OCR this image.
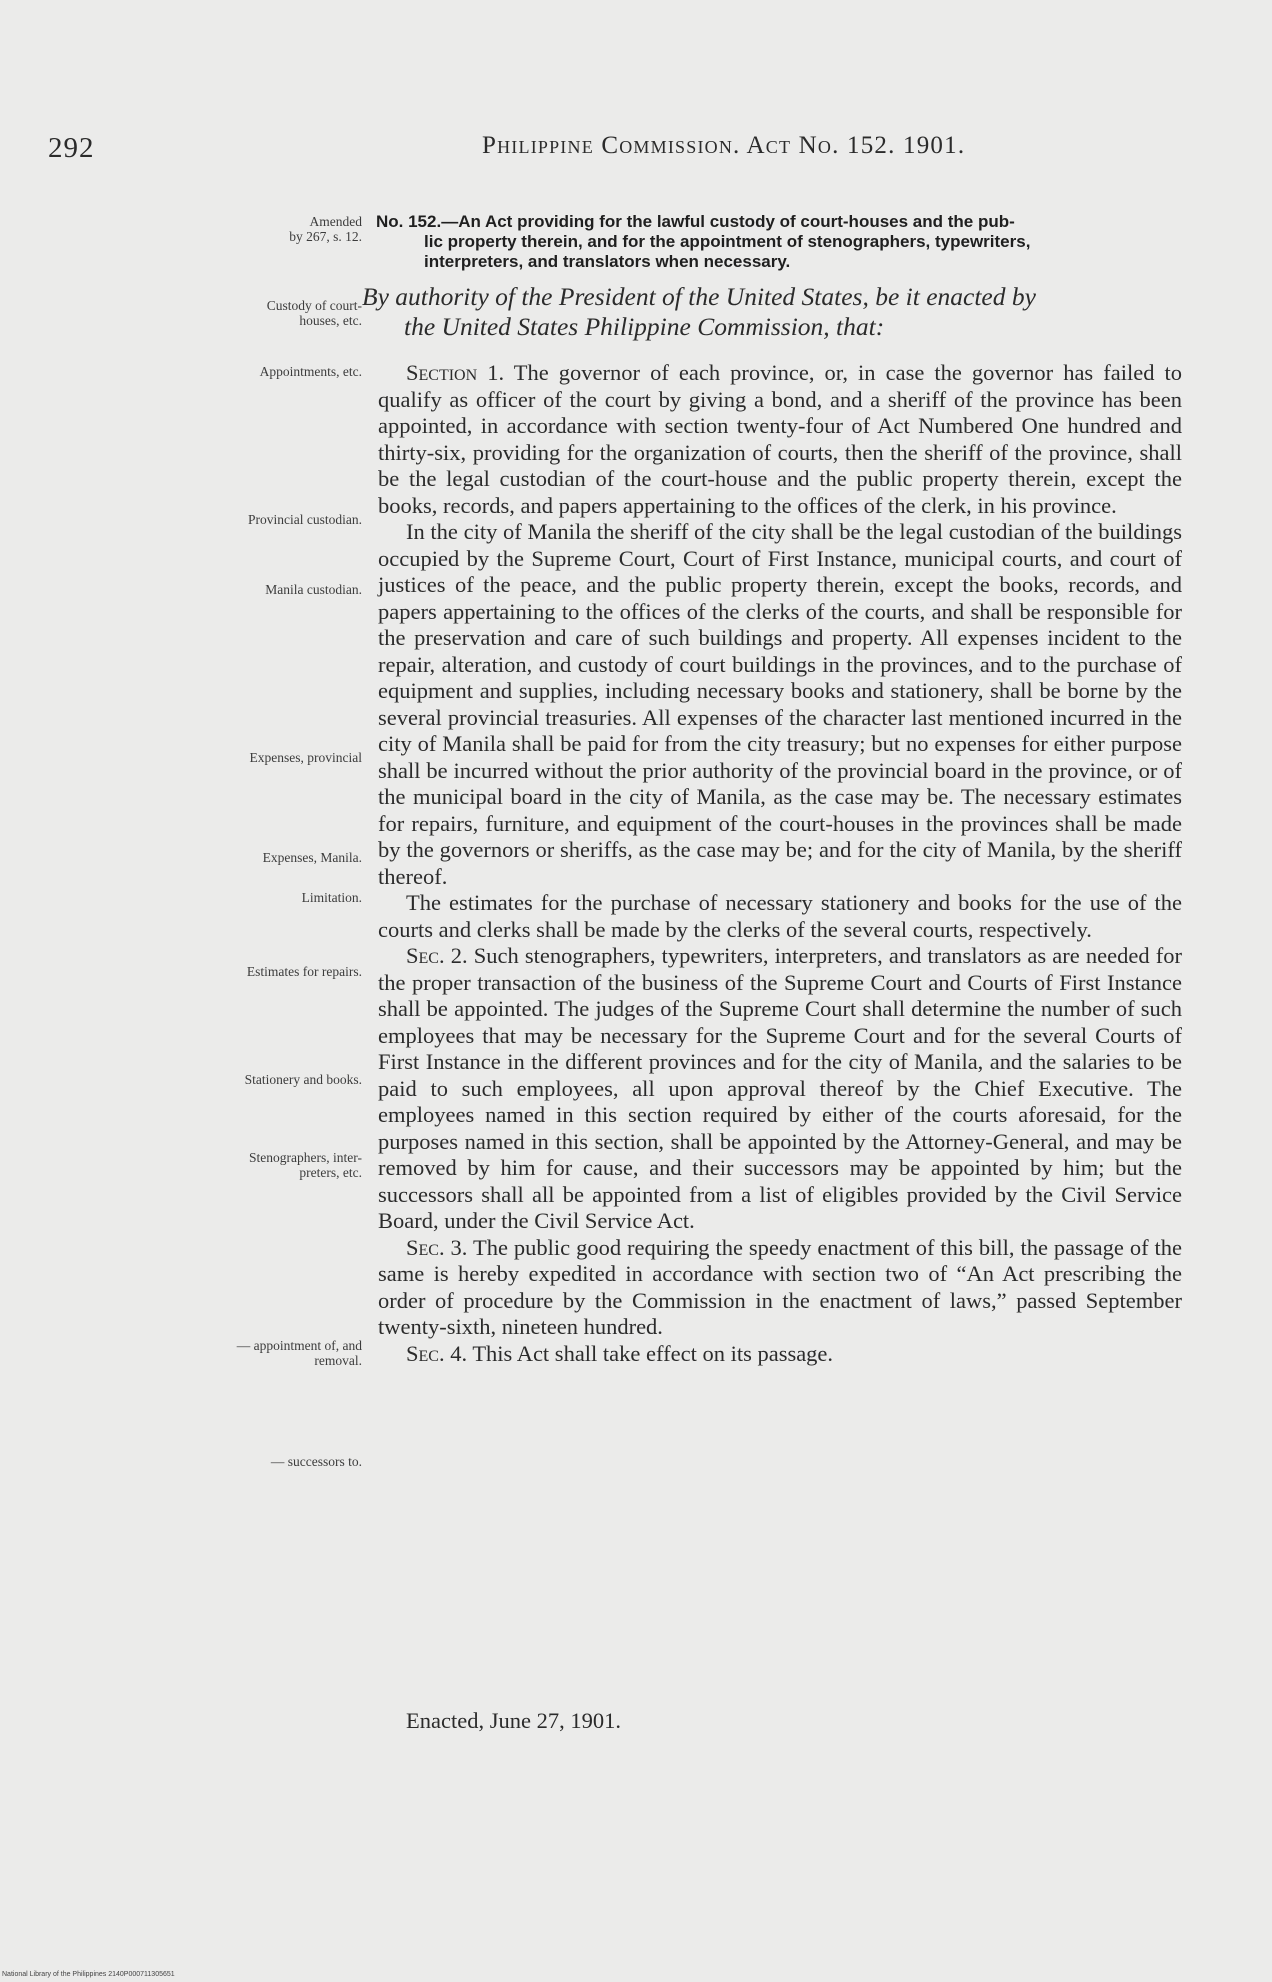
292	Philippine Commission. Act No. 152. 1901.
Amended
by 267, s. 12.
Custody of court-
houses, etc.
Appointments, etc.
Provincial custodian.
Manila custodian.
Expenses, provincial
Expenses, Manila.
Limitation.
Estimates for repairs.
Stationery and books.
Stenographers, inter-
preters, etc.
— appointment of, and
removal.
— successors to.
No. 152.—An Act providing for the lawful custody of court-houses and the pub-
lic property therein, and for the appointment of stenographers, typewriters,
interpreters, and translators when necessary.
By authority of the President of the United States, be it enacted by
the United States Philippine Commission, that:

Section 1. The governor of each province, or, in case the governor has failed to qualify as officer of the court by giving a bond, and a sheriff of the province has been appointed, in accordance with section twenty-four of Act Numbered One hundred and thirty-six, providing for the organization of courts, then the sheriff of the province, shall be the legal custodian of the court-house and the public property therein, except the books, records, and papers appertaining to the offices of the clerk, in his province.

In the city of Manila the sheriff of the city shall be the legal custodian of the buildings occupied by the Supreme Court, Court of First Instance, municipal courts, and court of justices of the peace, and the public property therein, except the books, records, and papers appertaining to the offices of the clerks of the courts, and shall be responsible for the preservation and care of such buildings and property. All expenses incident to the repair, alteration, and custody of court buildings in the provinces, and to the purchase of equipment and supplies, including necessary books and stationery, shall be borne by the several provincial treasuries. All expenses of the character last mentioned incurred in the city of Manila shall be paid for from the city treasury; but no expenses for either purpose shall be incurred without the prior authority of the provincial board in the province, or of the municipal board in the city of Manila, as the case may be. The necessary estimates for repairs, furniture, and equipment of the court-houses in the provinces shall be made by the governors or sheriffs, as the case may be; and for the city of Manila, by the sheriff thereof.

The estimates for the purchase of necessary stationery and books for the use of the courts and clerks shall be made by the clerks of the several courts, respectively.

Sec. 2. Such stenographers, typewriters, interpreters, and translators as are needed for the proper transaction of the business of the Supreme Court and Courts of First Instance shall be appointed. The judges of the Supreme Court shall determine the number of such employees that may be necessary for the Supreme Court and for the several Courts of First Instance in the different provinces and for the city of Manila, and the salaries to be paid to such employees, all upon approval thereof by the Chief Executive. The employees named in this section required by either of the courts aforesaid, for the purposes named in this section, shall be appointed by the Attorney-General, and may be removed by him for cause, and their successors may be appointed by him; but the successors shall all be appointed from a list of eligibles provided by the Civil Service Board, under the Civil Service Act.

Sec. 3. The public good requiring the speedy enactment of this bill, the passage of the same is hereby expedited in accordance with section two of “An Act prescribing the order of procedure by the Commission in the enactment of laws,” passed September twenty-sixth, nineteen hundred.

Sec. 4. This Act shall take effect on its passage.

Enacted, June 27, 1901.
National Library of the Philippines 2140P000711305651
